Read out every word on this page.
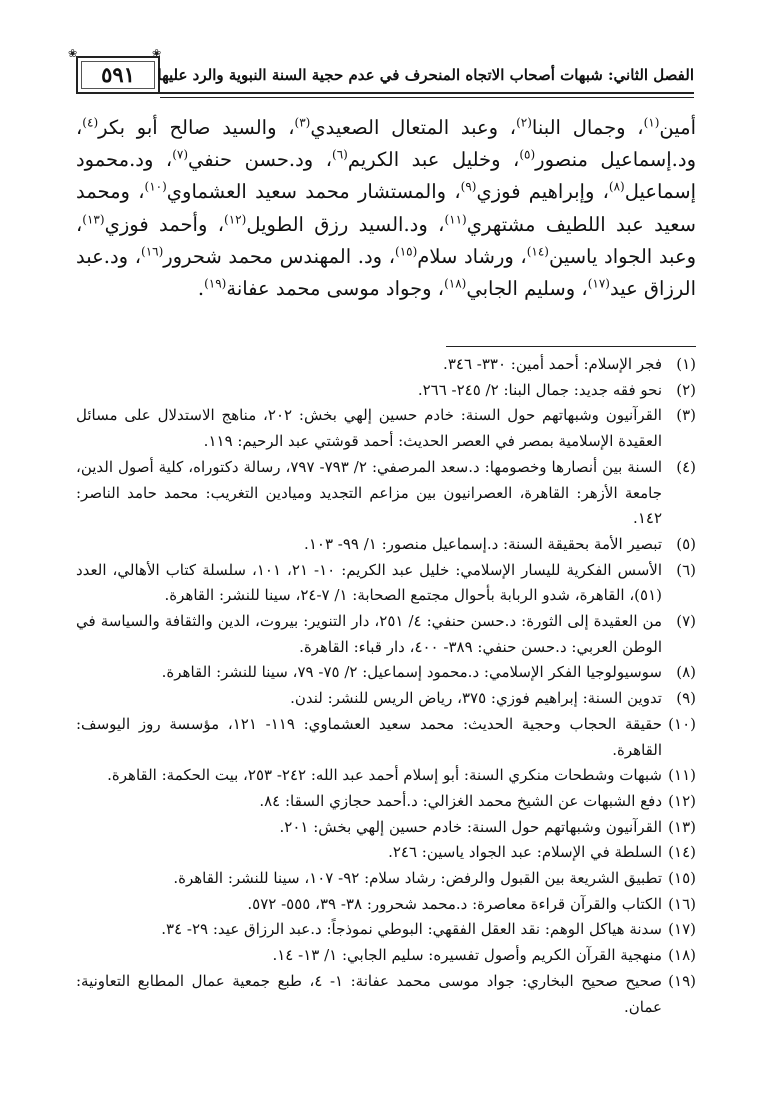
٥٩١
❀	❀
الفصل الثاني: شبهات أصحاب الاتجاه المنحرف في عدم حجية السنة النبوية والرد عليها
أمين$^{(١)}$، وجمال البنا$^{(٢)}$، وعبد المتعال الصعيدي$^{(٣)}$، والسيد صالح أبو بكر$^{(٤)}$، ود.إسماعيل منصور$^{(٥)}$، وخليل عبد الكريم$^{(٦)}$، ود.حسن حنفي$^{(٧)}$، ود.محمود إسماعيل$^{(٨)}$، وإبراهيم فوزي$^{(٩)}$، والمستشار محمد سعيد العشماوي$^{(١٠)}$، ومحمد سعيد عبد اللطيف مشتهري$^{(١١)}$، ود.السيد رزق الطويل$^{(١٢)}$، وأحمد فوزي$^{(١٣)}$، وعبد الجواد ياسين$^{(١٤)}$، ورشاد سلام$^{(١٥)}$، ود. المهندس محمد شحرور$^{(١٦)}$، ود.عبد الرزاق عيد$^{(١٧)}$، وسليم الجابي$^{(١٨)}$، وجواد موسى محمد عفانة$^{(١٩)}$.
(١)
فجر الإسلام: أحمد أمين: ٣٣٠- ٣٤٦.
(٢)
نحو فقه جديد: جمال البنا: ٢/ ٢٤٥- ٢٦٦.
(٣)
القرآنيون وشبهاتهم حول السنة: خادم حسين إلهي بخش: ٢٠٢، مناهج الاستدلال على مسائل العقيدة الإسلامية بمصر في العصر الحديث: أحمد قوشتي عبد الرحيم: ١١٩.
(٤)
السنة بين أنصارها وخصومها: د.سعد المرصفي: ٢/ ٧٩٣- ٧٩٧، رسالة دكتوراه، كلية أصول الدين، جامعة الأزهر: القاهرة، العصرانيون بين مزاعم التجديد وميادين التغريب: محمد حامد الناصر: ١٤٢.
(٥)
تبصير الأمة بحقيقة السنة: د.إسماعيل منصور: ١/ ٩٩- ١٠٣.
(٦)
الأسس الفكرية لليسار الإسلامي: خليل عبد الكريم: ١٠- ٢١، ١٠١، سلسلة كتاب الأهالي، العدد (٥١)، القاهرة، شدو الربابة بأحوال مجتمع الصحابة: ١/ ٧-٢٤، سينا للنشر: القاهرة.
(٧)
من العقيدة إلى الثورة: د.حسن حنفي: ٤/ ٢٥١، دار التنوير: بيروت، الدين والثقافة والسياسة في الوطن العربي: د.حسن حنفي: ٣٨٩- ٤٠٠، دار قباء: القاهرة.
(٨)
سوسيولوجيا الفكر الإسلامي: د.محمود إسماعيل: ٢/ ٧٥- ٧٩، سينا للنشر: القاهرة.
(٩)
تدوين السنة: إبراهيم فوزي: ٣٧٥، رياض الريس للنشر: لندن.
(١٠)
حقيقة الحجاب وحجية الحديث: محمد سعيد العشماوي: ١١٩- ١٢١، مؤسسة روز اليوسف: القاهرة.
(١١)
شبهات وشطحات منكري السنة: أبو إسلام أحمد عبد الله: ٢٤٢- ٢٥٣، بيت الحكمة: القاهرة.
(١٢)
دفع الشبهات عن الشيخ محمد الغزالي: د.أحمد حجازي السقا: ٨٤.
(١٣)
القرآنيون وشبهاتهم حول السنة: خادم حسين إلهي بخش: ٢٠١.
(١٤)
السلطة في الإسلام: عبد الجواد ياسين: ٢٤٦.
(١٥)
تطبيق الشريعة بين القبول والرفض: رشاد سلام: ٩٢- ١٠٧، سينا للنشر: القاهرة.
(١٦)
الكتاب والقرآن قراءة معاصرة: د.محمد شحرور: ٣٨- ٣٩، ٥٥٥- ٥٧٢.
(١٧)
سدنة هياكل الوهم: نقد العقل الفقهي: البوطي نموذجاً: د.عبد الرزاق عيد: ٢٩- ٣٤.
(١٨)
منهجية القرآن الكريم وأصول تفسيره: سليم الجابي: ١/ ١٣- ١٤.
(١٩)
صحيح صحيح البخاري: جواد موسى محمد عفانة: ١- ٤، طبع جمعية عمال المطابع التعاونية: عمان.
